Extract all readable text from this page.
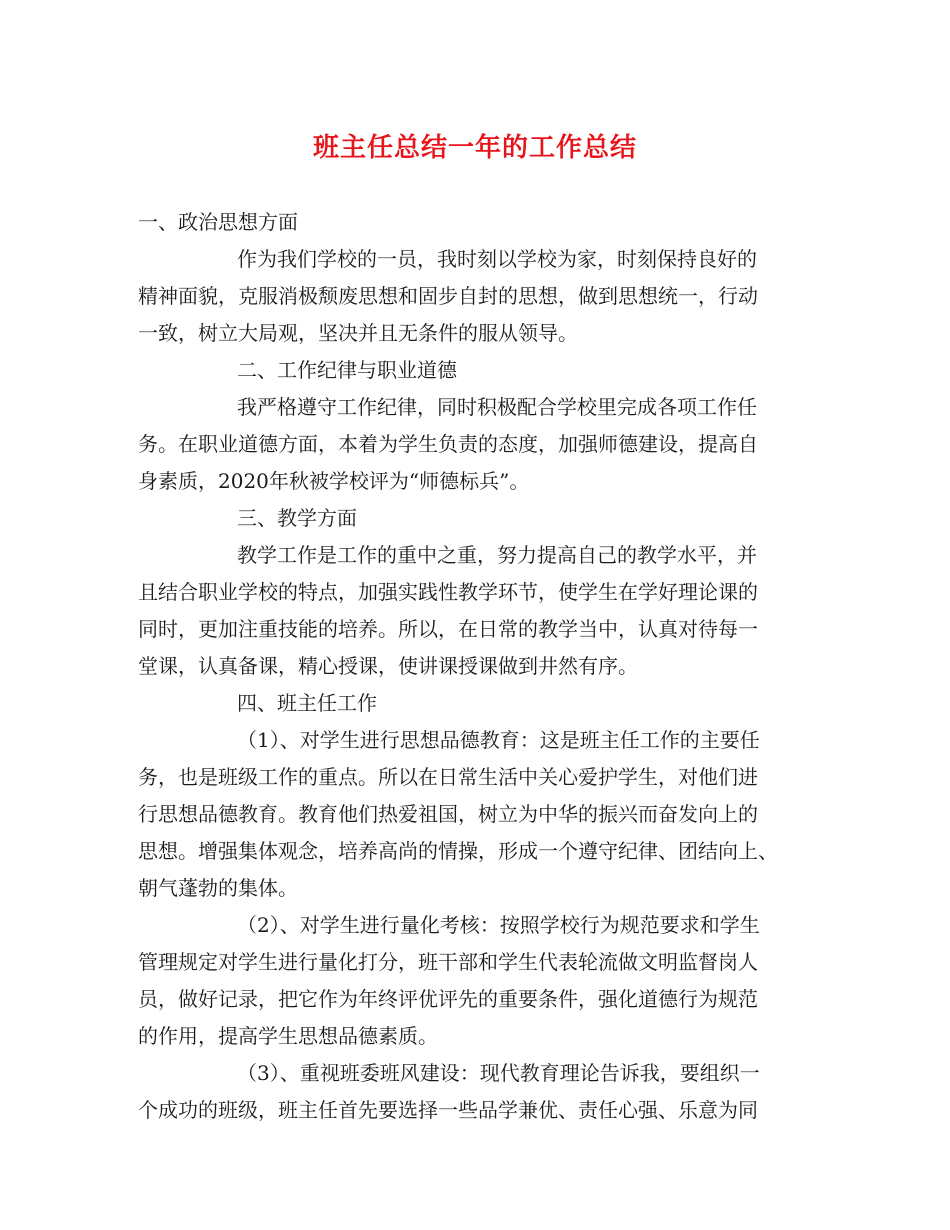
班主任总结一年的工作总结
一、政治思想方面
作为我们学校的一员，我时刻以学校为家，时刻保持良好的
精神面貌，克服消极颓废思想和固步自封的思想，做到思想统一，行动
一致，树立大局观，坚决并且无条件的服从领导。
二、工作纪律与职业道德
我严格遵守工作纪律，同时积极配合学校里完成各项工作任
务。在职业道德方面，本着为学生负责的态度，加强师德建设，提高自
身素质，2020年秋被学校评为“师德标兵”。
三、教学方面
教学工作是工作的重中之重，努力提高自己的教学水平，并
且结合职业学校的特点，加强实践性教学环节，使学生在学好理论课的
同时，更加注重技能的培养。所以，在日常的教学当中，认真对待每一
堂课，认真备课，精心授课，使讲课授课做到井然有序。
四、班主任工作
（1）、对学生进行思想品德教育：这是班主任工作的主要任
务，也是班级工作的重点。所以在日常生活中关心爱护学生，对他们进
行思想品德教育。教育他们热爱祖国，树立为中华的振兴而奋发向上的
思想。增强集体观念，培养高尚的情操，形成一个遵守纪律、团结向上、
朝气蓬勃的集体。
（2）、对学生进行量化考核：按照学校行为规范要求和学生
管理规定对学生进行量化打分，班干部和学生代表轮流做文明监督岗人
员，做好记录，把它作为年终评优评先的重要条件，强化道德行为规范
的作用，提高学生思想品德素质。
（3）、重视班委班风建设：现代教育理论告诉我，要组织一
个成功的班级，班主任首先要选择一些品学兼优、责任心强、乐意为同
